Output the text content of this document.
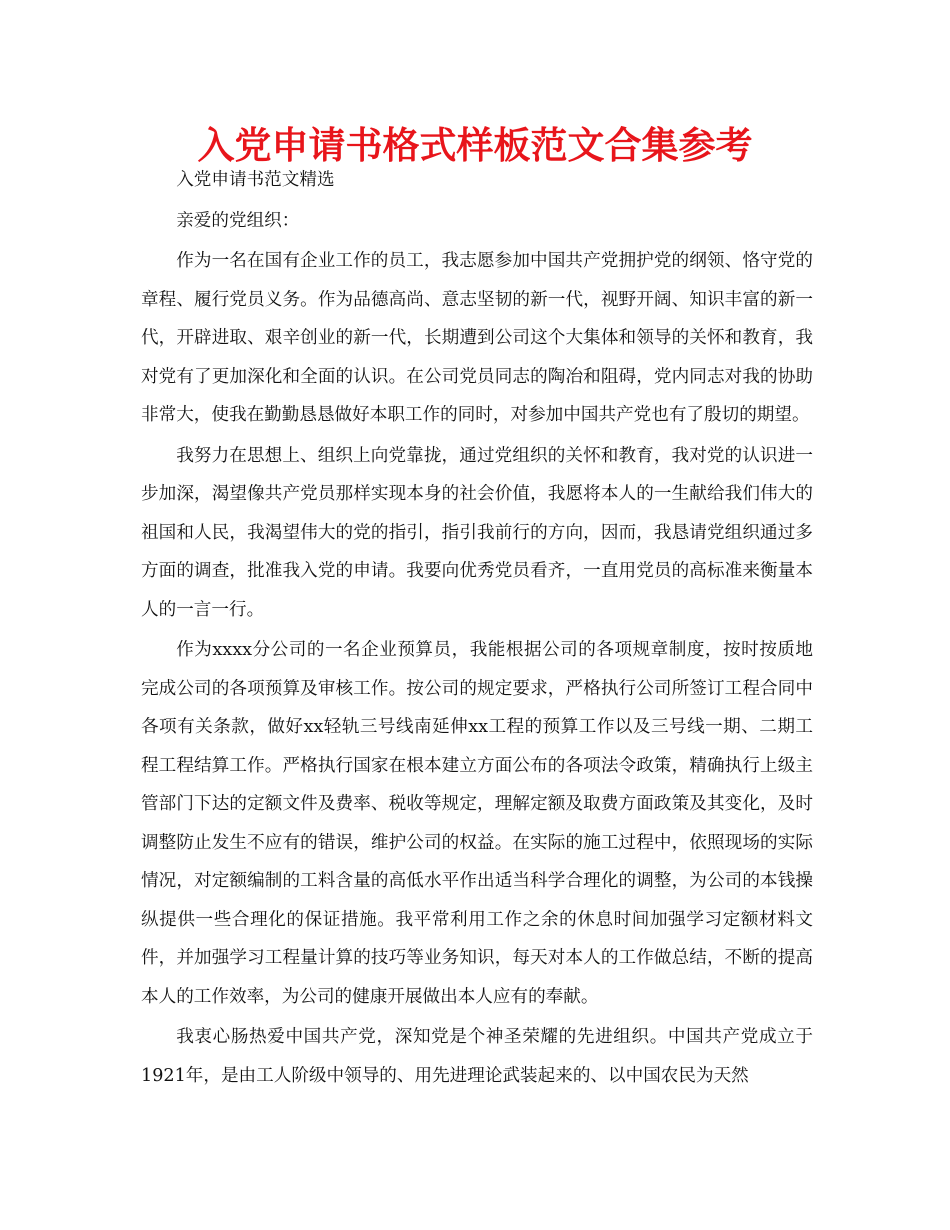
入党申请书格式样板范文合集参考

入党申请书范文精选

亲爱的党组织：

作为一名在国有企业工作的员工，我志愿参加中国共产党拥护党的纲领、恪守党的章程、履行党员义务。作为品德高尚、意志坚韧的新一代，视野开阔、知识丰富的新一代，开辟进取、艰辛创业的新一代，长期遭到公司这个大集体和领导的关怀和教育，我对党有了更加深化和全面的认识。在公司党员同志的陶冶和阻碍，党内同志对我的协助非常大，使我在勤勤恳恳做好本职工作的同时，对参加中国共产党也有了殷切的期望。

我努力在思想上、组织上向党靠拢，通过党组织的关怀和教育，我对党的认识进一步加深，渴望像共产党员那样实现本身的社会价值，我愿将本人的一生献给我们伟大的祖国和人民，我渴望伟大的党的指引，指引我前行的方向，因而，我恳请党组织通过多方面的调查，批准我入党的申请。我要向优秀党员看齐，一直用党员的高标准来衡量本人的一言一行。

作为xxxx分公司的一名企业预算员，我能根据公司的各项规章制度，按时按质地完成公司的各项预算及审核工作。按公司的规定要求，严格执行公司所签订工程合同中各项有关条款，做好xx轻轨三号线南延伸xx工程的预算工作以及三号线一期、二期工程工程结算工作。严格执行国家在根本建立方面公布的各项法令政策，精确执行上级主管部门下达的定额文件及费率、税收等规定，理解定额及取费方面政策及其变化，及时调整防止发生不应有的错误，维护公司的权益。在实际的施工过程中，依照现场的实际情况，对定额编制的工料含量的高低水平作出适当科学合理化的调整，为公司的本钱操纵提供一些合理化的保证措施。我平常利用工作之余的休息时间加强学习定额材料文件，并加强学习工程量计算的技巧等业务知识，每天对本人的工作做总结，不断的提高本人的工作效率，为公司的健康开展做出本人应有的奉献。

我衷心肠热爱中国共产党，深知党是个神圣荣耀的先进组织。中国共产党成立于1921年，是由工人阶级中领导的、用先进理论武装起来的、以中国农民为天然
